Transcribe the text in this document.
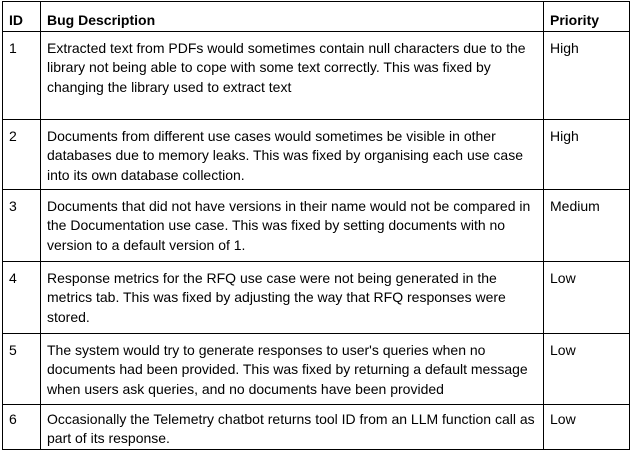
ID	Bug Description	Priority
1	Extracted text from PDFs would sometimes contain null characters due to the library not being able to cope with some text correctly. This was fixed by changing the library used to extract text	High
2	Documents from different use cases would sometimes be visible in other databases due to memory leaks. This was fixed by organising each use case into its own database collection.	High
3	Documents that did not have versions in their name would not be compared in the Documentation use case. This was fixed by setting documents with no version to a default version of 1.	Medium
4	Response metrics for the RFQ use case were not being generated in the metrics tab. This was fixed by adjusting the way that RFQ responses were stored.	Low
5	The system would try to generate responses to user's queries when no documents had been provided. This was fixed by returning a default message when users ask queries, and no documents have been provided	Low
6	Occasionally the Telemetry chatbot returns tool ID from an LLM function call as part of its response.	Low
